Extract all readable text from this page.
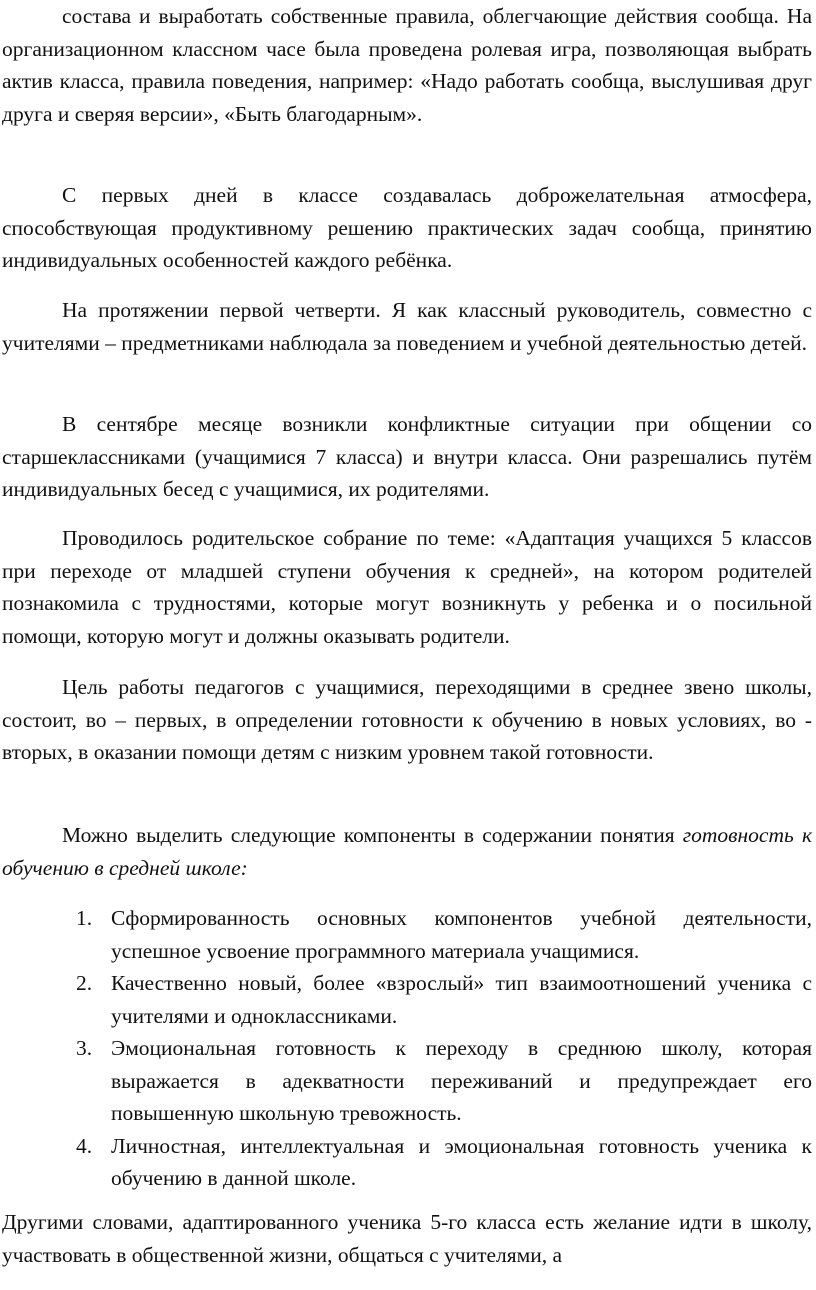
состава и выработать собственные правила, облегчающие действия сообща. На организационном классном часе была проведена ролевая игра, позволяющая выбрать актив класса, правила поведения, например: «Надо работать сообща, выслушивая друг друга и сверяя версии», «Быть благодарным».

С первых дней в классе создавалась доброжелательная атмосфера, способствующая продуктивному решению практических задач сообща, принятию индивидуальных особенностей каждого ребёнка.

На протяжении первой четверти. Я как классный руководитель, совместно с учителями – предметниками наблюдала за поведением и учебной деятельностью детей.

В сентябре месяце возникли конфликтные ситуации при общении со старшеклассниками (учащимися 7 класса) и внутри класса. Они разрешались путём индивидуальных бесед с учащимися, их родителями.

Проводилось родительское собрание по теме: «Адаптация учащихся 5 классов при переходе от младшей ступени обучения к средней», на котором родителей познакомила с трудностями, которые могут возникнуть у ребенка и о посильной помощи, которую могут и должны оказывать родители.

Цель работы педагогов с учащимися, переходящими в среднее звено школы, состоит, во – первых, в определении готовности к обучению в новых условиях, во - вторых, в оказании помощи детям с низким уровнем такой готовности.

Можно выделить следующие компоненты в содержании понятия готовность к обучению в средней школе:

1. Сформированность основных компонентов учебной деятельности, успешное усвоение программного материала учащимися.
2. Качественно новый, более «взрослый» тип взаимоотношений ученика с учителями и одноклассниками.
3. Эмоциональная готовность к переходу в среднюю школу, которая выражается в адекватности переживаний и предупреждает его повышенную школьную тревожность.
4. Личностная, интеллектуальная и эмоциональная готовность ученика к обучению в данной школе.

Другими словами, адаптированного ученика 5-го класса есть желание идти в школу, участвовать в общественной жизни, общаться с учителями, а
